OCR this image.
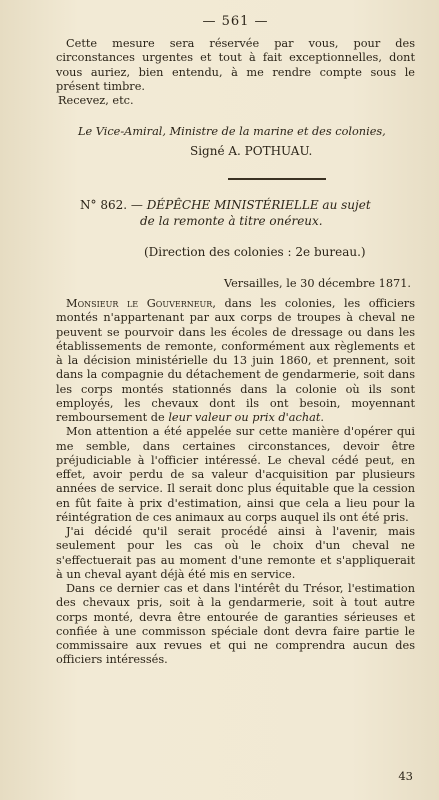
— 561 —

Cette mesure sera réservée par vous, pour des circonstances urgentes et tout à fait exceptionnelles, dont vous auriez, bien entendu, à me rendre compte sous le présent timbre.

Recevez, etc.

Le Vice-Amiral, Ministre de la marine et des colonies,

Signé A. POTHUAU.

N° 862. — DÉPÊCHE MINISTÉRIELLE au sujet

de la remonte à titre onéreux.

(Direction des colonies : 2e bureau.)

Versailles, le 30 décembre 1871.

Monsieur le Gouverneur, dans les colonies, les officiers montés n'appartenant par aux corps de troupes à cheval ne peuvent se pourvoir dans les écoles de dressage ou dans les établissements de remonte, conformément aux règlements et à la décision ministérielle du 13 juin 1860, et prennent, soit dans la compagnie du détachement de gendarmerie, soit dans les corps montés stationnés dans la colonie où ils sont employés, les chevaux dont ils ont besoin, moyennant remboursement de leur valeur ou prix d'achat.

Mon attention a été appelée sur cette manière d'opérer qui me semble, dans certaines circonstances, devoir être préjudiciable à l'officier intéressé. Le cheval cédé peut, en effet, avoir perdu de sa valeur d'acquisition par plusieurs années de service. Il serait donc plus équitable que la cession en fût faite à prix d'estimation, ainsi que cela a lieu pour la réintégration de ces animaux au corps auquel ils ont été pris.

J'ai décidé qu'il serait procédé ainsi à l'avenir, mais seulement pour les cas où le choix d'un cheval ne s'effectuerait pas au moment d'une remonte et s'appliquerait à un cheval ayant déjà été mis en service.

Dans ce dernier cas et dans l'intérêt du Trésor, l'estimation des chevaux pris, soit à la gendarmerie, soit à tout autre corps monté, devra être entourée de garanties sérieuses et confiée à une commisson spéciale dont devra faire partie le commissaire aux revues et qui ne comprendra aucun des officiers intéressés.

43
